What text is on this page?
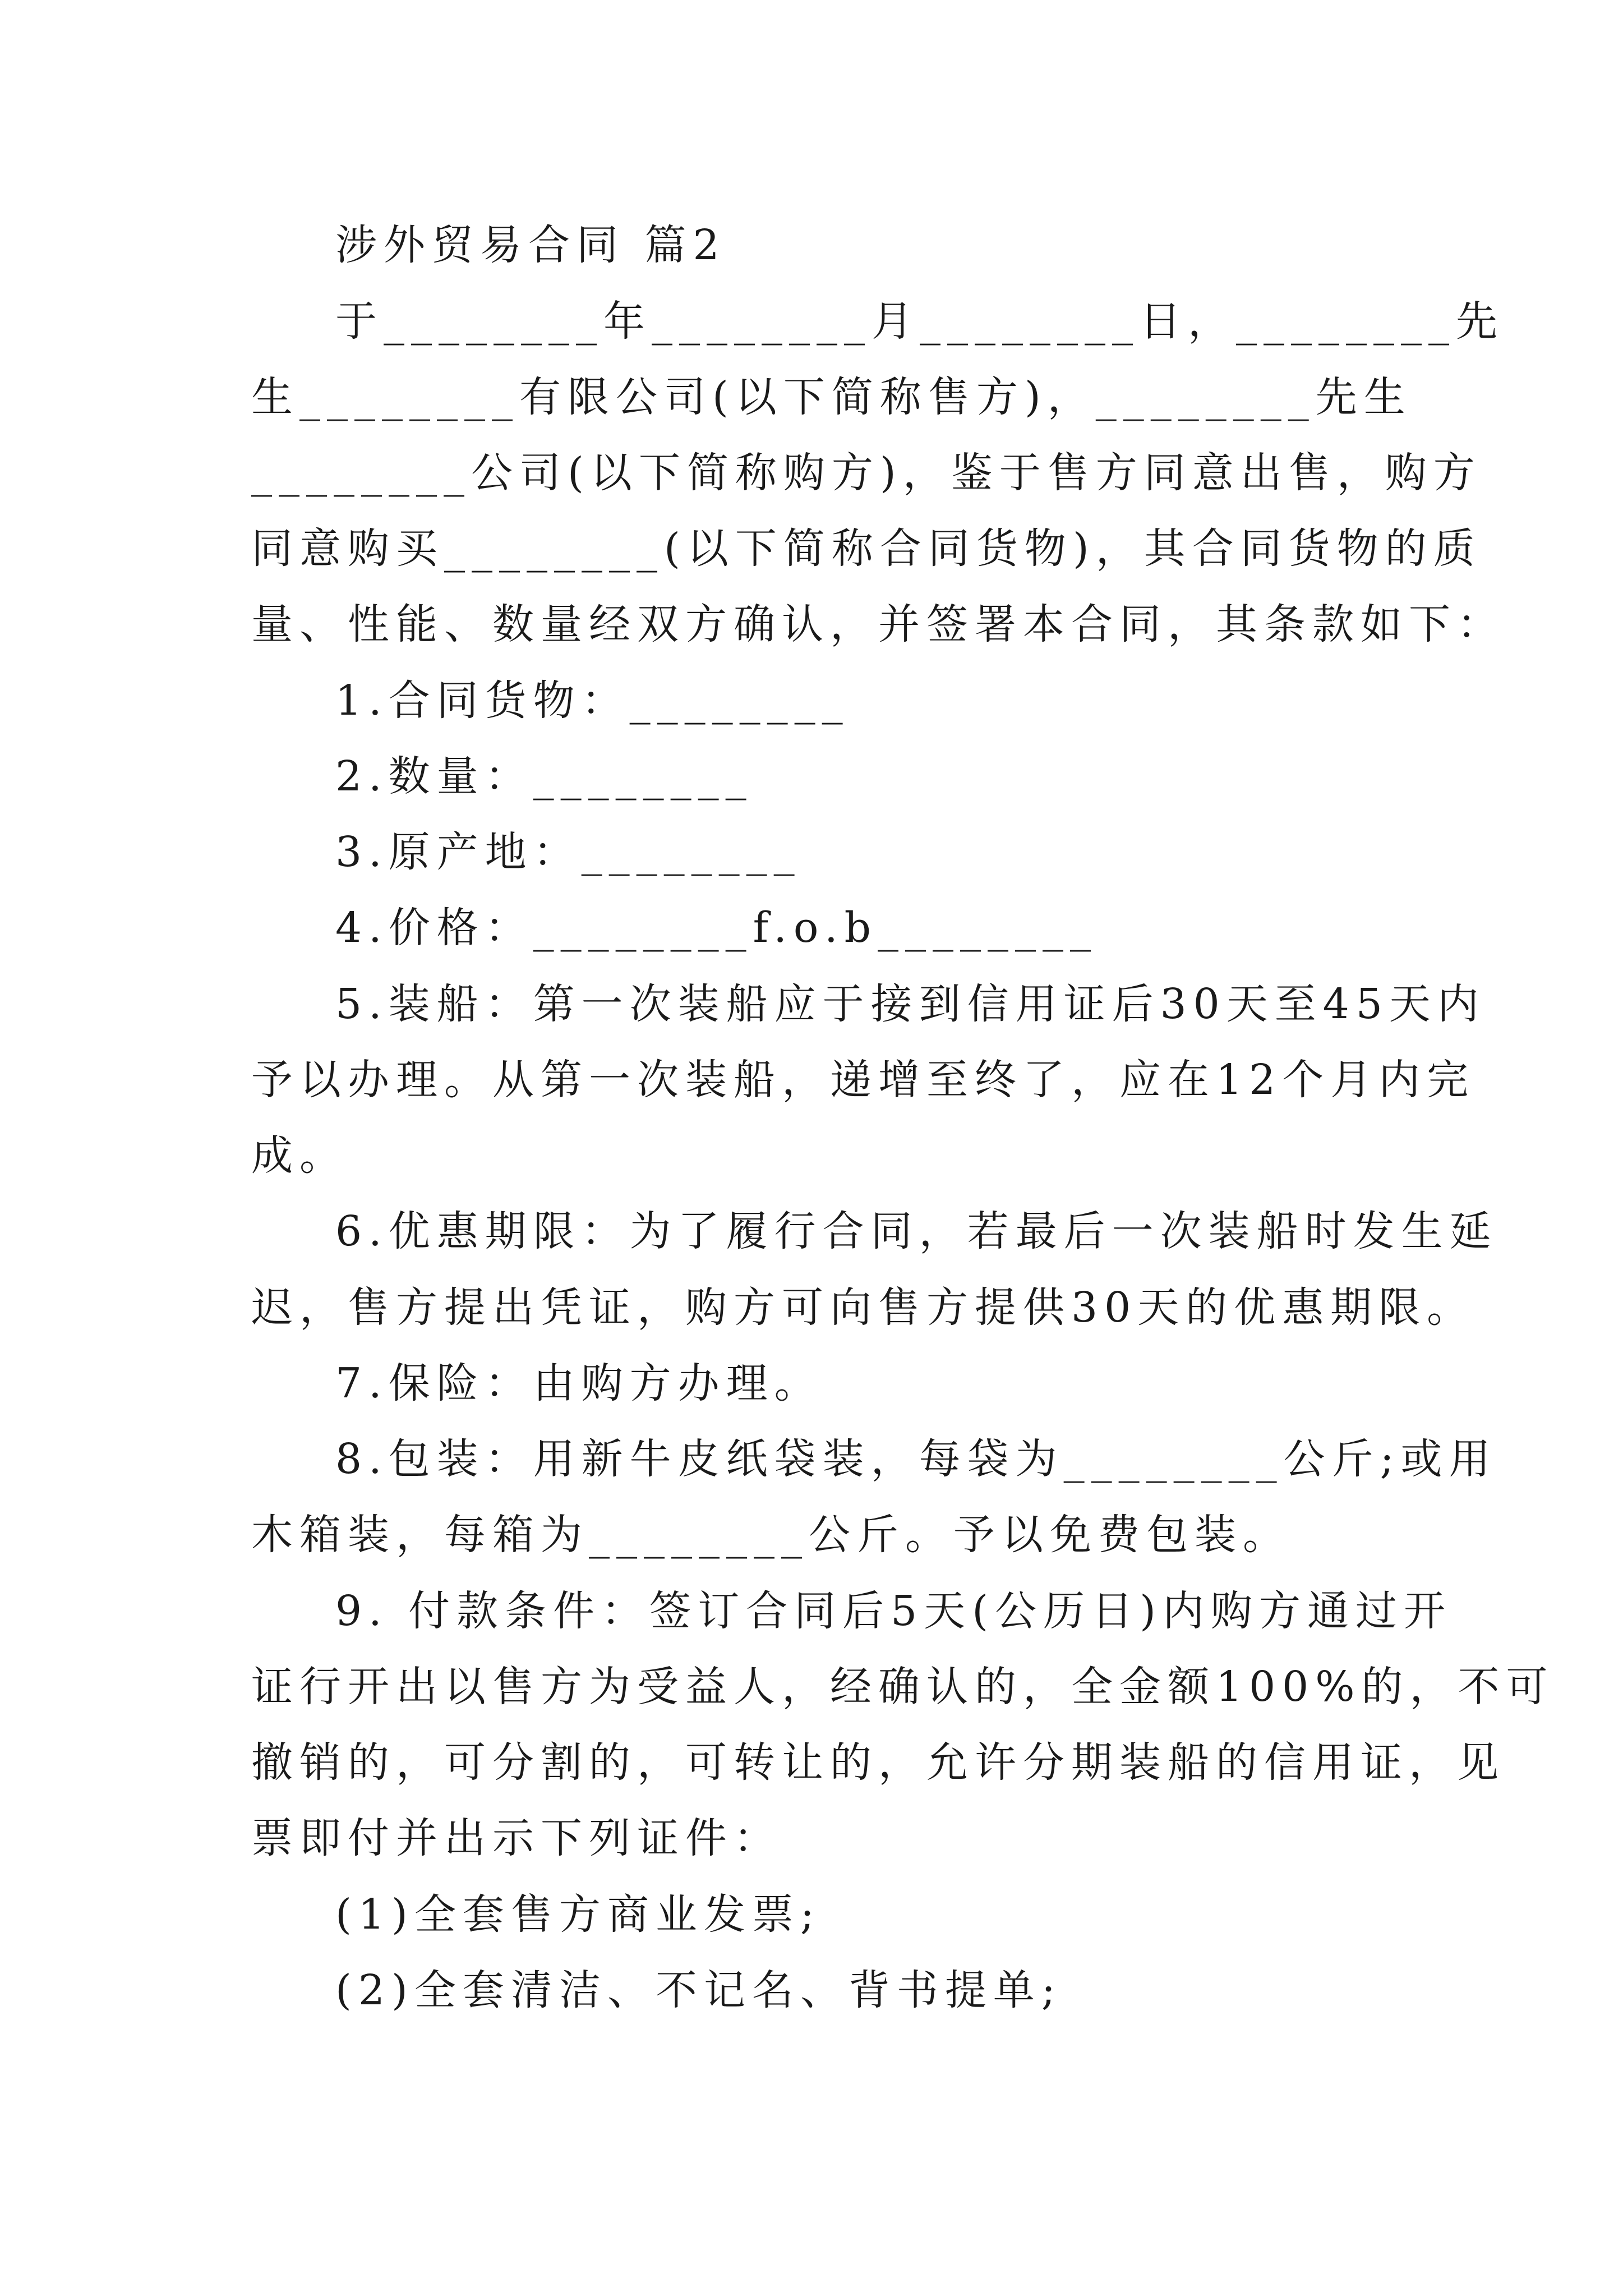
涉外贸易合同 篇2
于________年________月________日，________先
生________有限公司(以下简称售方)，________先生
________公司(以下简称购方)，鉴于售方同意出售，购方
同意购买________(以下简称合同货物)，其合同货物的质
量、性能、数量经双方确认，并签署本合同，其条款如下：
1.合同货物：________
2.数量：________
3.原产地：________
4.价格：________f.o.b________
5.装船：第一次装船应于接到信用证后30天至45天内
予以办理。从第一次装船，递增至终了，应在12个月内完
成。
6.优惠期限：为了履行合同，若最后一次装船时发生延
迟，售方提出凭证，购方可向售方提供30天的优惠期限。
7.保险：由购方办理。
8.包装：用新牛皮纸袋装，每袋为________公斤;或用
木箱装，每箱为________公斤。予以免费包装。
9. 付款条件：签订合同后5天(公历日)内购方通过开
证行开出以售方为受益人，经确认的，全金额100%的，不可
撤销的，可分割的，可转让的，允许分期装船的信用证，见
票即付并出示下列证件：
(1)全套售方商业发票;
(2)全套清洁、不记名、背书提单;
